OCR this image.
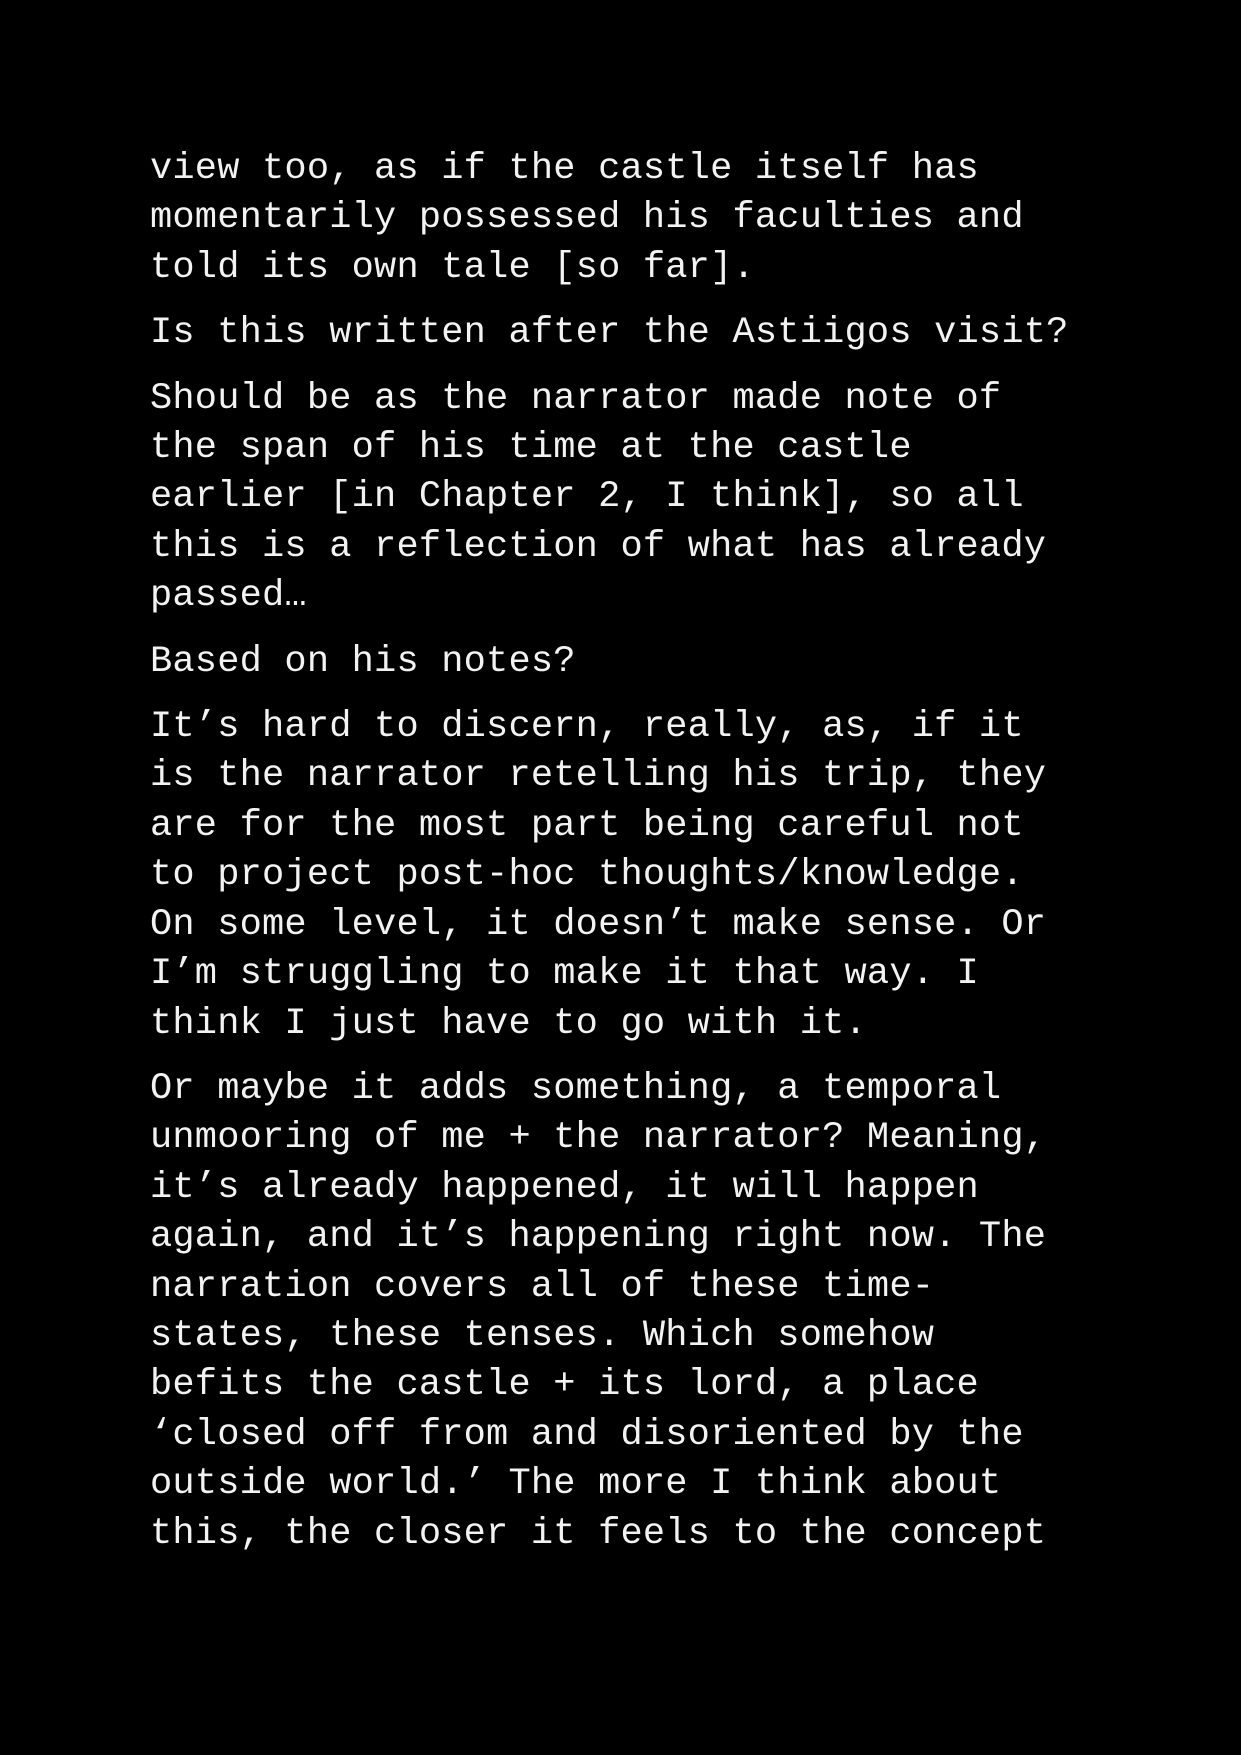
view too, as if the castle itself has
momentarily possessed his faculties and
told its own tale [so far].
Is this written after the Astiigos visit?
Should be as the narrator made note of
the span of his time at the castle
earlier [in Chapter 2, I think], so all
this is a reflection of what has already
passed…
Based on his notes?
It’s hard to discern, really, as, if it
is the narrator retelling his trip, they
are for the most part being careful not
to project post-hoc thoughts/knowledge.
On some level, it doesn’t make sense. Or
I’m struggling to make it that way. I
think I just have to go with it.
Or maybe it adds something, a temporal
unmooring of me + the narrator? Meaning,
it’s already happened, it will happen
again, and it’s happening right now. The
narration covers all of these time-
states, these tenses. Which somehow
befits the castle + its lord, a place
‘closed off from and disoriented by the
outside world.’ The more I think about
this, the closer it feels to the concept
